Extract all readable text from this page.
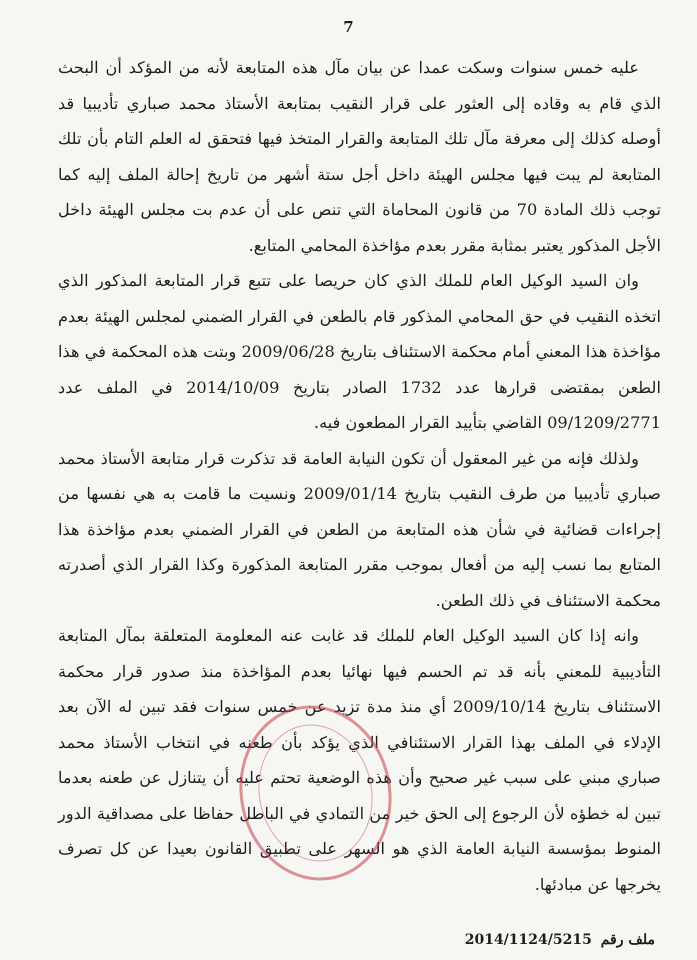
7

عليه خمس سنوات وسكت عمدا عن بيان مآل هذه المتابعة لأنه من المؤكد أن البحث الذي قام به وقاده إلى العثور على قرار النقيب بمتابعة الأستاذ محمد صباري تأديبيا قد أوصله كذلك إلى معرفة مآل تلك المتابعة والقرار المتخذ فيها فتحقق له العلم التام بأن تلك المتابعة لم يبت فيها مجلس الهيئة داخل أجل ستة أشهر من تاريخ إحالة الملف إليه كما توجب ذلك المادة 70 من قانون المحاماة التي تنص على أن عدم بت مجلس الهيئة داخل الأجل المذكور يعتبر بمثابة مقرر بعدم مؤاخذة المحامي المتابع.

وان السيد الوكيل العام للملك الذي كان حريصا على تتبع قرار المتابعة المذكور الذي اتخذه النقيب في حق المحامي المذكور قام بالطعن في القرار الضمني لمجلس الهيئة بعدم مؤاخذة هذا المعني أمام محكمة الاستئناف بتاريخ 2009/06/28 وبتت هذه المحكمة في هذا الطعن بمقتضى قرارها عدد 1732 الصادر بتاريخ 2014/10/09 في الملف عدد 09/1209/2771 القاضي بتأييد القرار المطعون فيه.

ولذلك فإنه من غير المعقول أن تكون النيابة العامة قد تذكرت قرار متابعة الأستاذ محمد صباري تأديبيا من طرف النقيب بتاريخ 2009/01/14 ونسيت ما قامت به هي نفسها من إجراءات قضائية في شأن هذه المتابعة من الطعن في القرار الضمني بعدم مؤاخذة هذا المتابع بما نسب إليه من أفعال بموجب مقرر المتابعة المذكورة وكذا القرار الذي أصدرته محكمة الاستئناف في ذلك الطعن.

وانه إذا كان السيد الوكيل العام للملك قد غابت عنه المعلومة المتعلقة بمآل المتابعة التأديبية للمعني بأنه قد تم الحسم فيها نهائيا بعدم المؤاخذة منذ صدور قرار محكمة الاستئناف بتاريخ 2009/10/14 أي منذ مدة تزيد عن خمس سنوات فقد تبين له الآن بعد الإدلاء في الملف بهذا القرار الاستئنافي الذي يؤكد بأن طعنه في انتخاب الأستاذ محمد صباري مبني على سبب غير صحيح وأن هذه الوضعية تحتم عليه أن يتنازل عن طعنه بعدما تبين له خطؤه لأن الرجوع إلى الحق خير من التمادي في الباطل حفاظا على مصداقية الدور المنوط بمؤسسة النيابة العامة الذي هو السهر على تطبيق القانون بعيدا عن كل تصرف يخرجها عن مبادئها.

ملف رقم 2014/1124/5215
